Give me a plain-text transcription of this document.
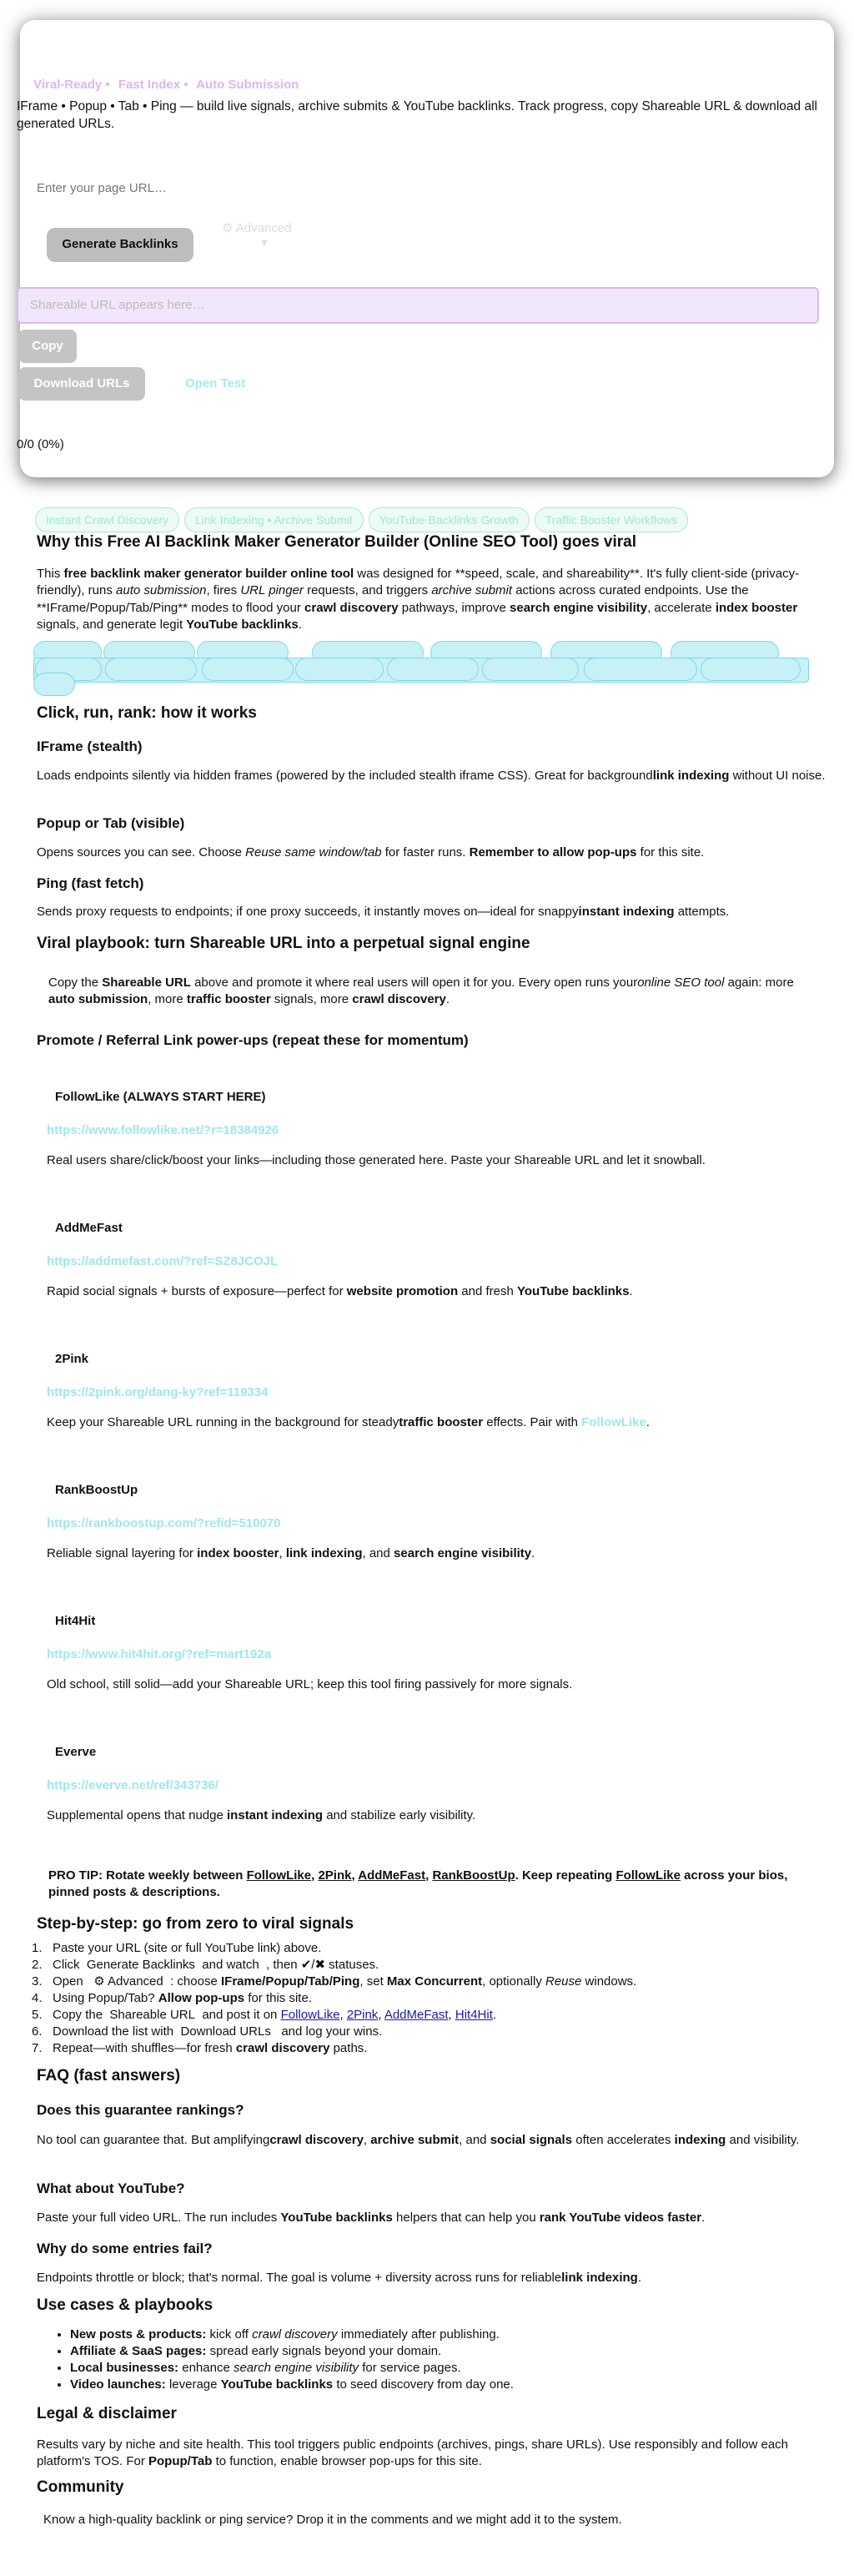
Viral-Ready • Fast Index • Auto Submission
IFrame • Popup • Tab • Ping — build live signals, archive submits & YouTube backlinks. Track progress, copy Shareable URL & download all generated URLs.
Enter your page URL…
Generate Backlinks
⚙ Advanced
▼
Shareable URL appears here…
Copy
Download URLs	Open Test
0/0 (0%)
Instant Crawl Discovery	Link Indexing • Archive Submit	YouTube Backlinks Growth	Traffic Booster Workflows
Why this Free AI Backlink Maker Generator Builder (Online SEO Tool) goes viral

This free backlink maker generator builder online tool was designed for **speed, scale, and shareability**. It's fully client-side (privacy-friendly), runs auto submission, fires URL pinger requests, and triggers archive submit actions across curated endpoints. Use the **IFrame/Popup/Tab/Ping** modes to flood your crawl discovery pathways, improve search engine visibility, accelerate index booster signals, and generate legit YouTube backlinks.

Click, run, rank: how it works
IFrame (stealth)

Loads endpoints silently via hidden frames (powered by the included stealth iframe CSS). Great for backgroundlink indexing without UI noise.

Popup or Tab (visible)

Opens sources you can see. Choose Reuse same window/tab for faster runs. Remember to allow pop-ups for this site.

Ping (fast fetch)

Sends proxy requests to endpoints; if one proxy succeeds, it instantly moves on—ideal for snappyinstant indexing attempts.

Viral playbook: turn Shareable URL into a perpetual signal engine

Copy the Shareable URL above and promote it where real users will open it for you. Every open runs youronline SEO tool again: more auto submission, more traffic booster signals, more crawl discovery.

Promote / Referral Link power-ups (repeat these for momentum)
FollowLike (ALWAYS START HERE)
https://www.followlike.net/?r=18384926
Real users share/click/boost your links—including those generated here. Paste your Shareable URL and let it snowball.
AddMeFast
https://addmefast.com/?ref=SZ8JCOJL
Rapid social signals + bursts of exposure—perfect for website promotion and fresh YouTube backlinks.
2Pink
https://2pink.org/dang-ky?ref=119334
Keep your Shareable URL running in the background for steadytraffic booster effects. Pair with FollowLike.
RankBoostUp
https://rankboostup.com/?refid=510070
Reliable signal layering for index booster, link indexing, and search engine visibility.
Hit4Hit
https://www.hit4hit.org/?ref=mart192a
Old school, still solid—add your Shareable URL; keep this tool firing passively for more signals.
Everve
https://everve.net/ref/343736/
Supplemental opens that nudge instant indexing and stabilize early visibility.
PRO TIP: Rotate weekly between FollowLike, 2Pink, AddMeFast, RankBoostUp. Keep repeating FollowLike across your bios, pinned posts & descriptions.
Step-by-step: go from zero to viral signals
1.   Paste your URL (site or full YouTube link) above.
2.   Click Generate Backlinks and watch , then ✔/✖ statuses.
3.   Open ⚙ Advanced : choose IFrame/Popup/Tab/Ping, set Max Concurrent, optionally Reuse windows.
4.   Using Popup/Tab? Allow pop-ups for this site.
5.   Copy the Shareable URL and post it on FollowLike, 2Pink, AddMeFast, Hit4Hit.
6.   Download the list with Download URLs and log your wins.
7.   Repeat—with shuffles—for fresh crawl discovery paths.
FAQ (fast answers)
Does this guarantee rankings?

No tool can guarantee that. But amplifyingcrawl discovery, archive submit, and social signals often accelerates indexing and visibility.

What about YouTube?

Paste your full video URL. The run includes YouTube backlinks helpers that can help you rank YouTube videos faster.

Why do some entries fail?

Endpoints throttle or block; that's normal. The goal is volume + diversity across runs for reliablelink indexing.

Use cases & playbooks
• New posts & products: kick off crawl discovery immediately after publishing.
• Affiliate & SaaS pages: spread early signals beyond your domain.
• Local businesses: enhance search engine visibility for service pages.
• Video launches: leverage YouTube backlinks to seed discovery from day one.
Legal & disclaimer

Results vary by niche and site health. This tool triggers public endpoints (archives, pings, share URLs). Use responsibly and follow each platform's TOS. For Popup/Tab to function, enable browser pop-ups for this site.

Community

Know a high-quality backlink or ping service? Drop it in the comments and we might add it to the system.
